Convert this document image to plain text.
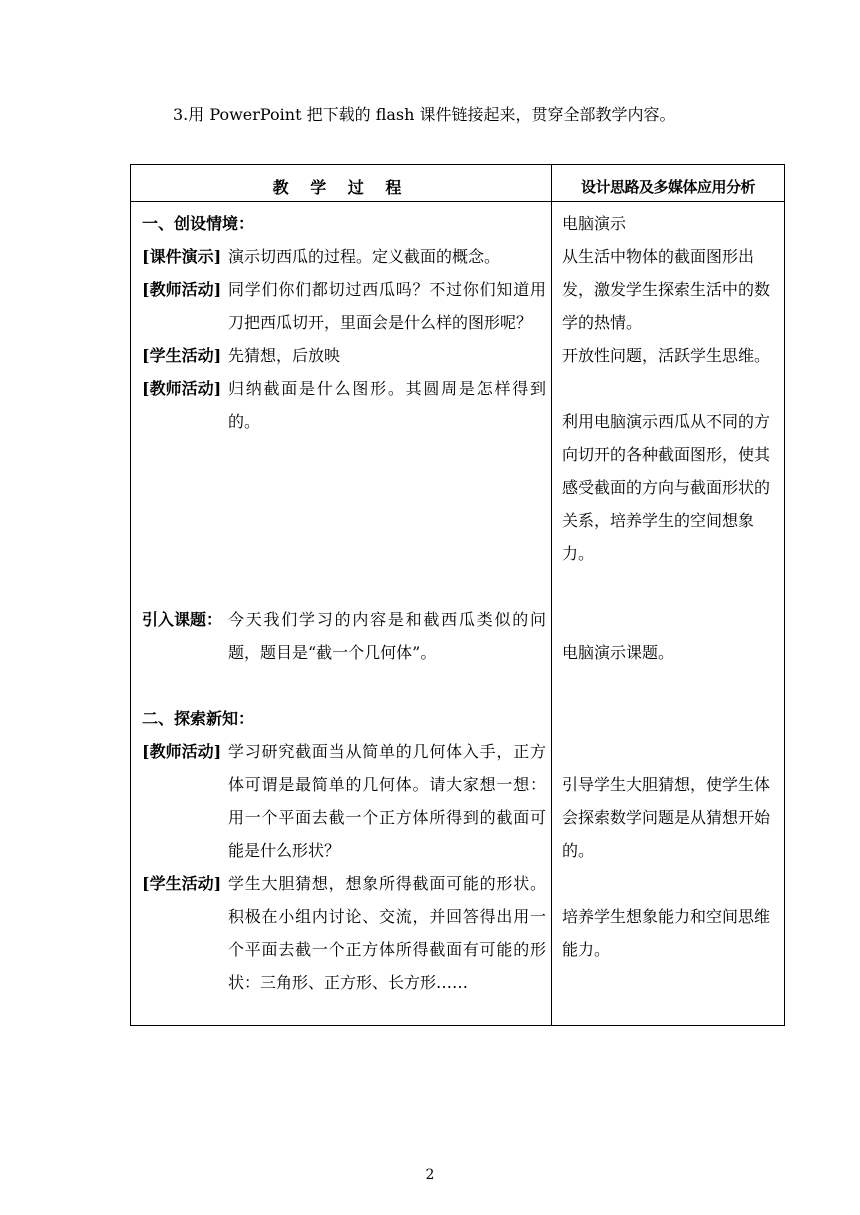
3.用 PowerPoint 把下载的 flash 课件链接起来，贯穿全部教学内容。
教 学 过 程	设计思路及多媒体应用分析
一、创设情境：
[课件演示] 演示切西瓜的过程。定义截面的概念。
[教师活动] 同学们你们都切过西瓜吗？不过你们知道用刀把西瓜切开，里面会是什么样的图形呢？
[学生活动] 先猜想，后放映
[教师活动] 归纳截面是什么图形。其圆周是怎样得到的。
引入课题： 今天我们学习的内容是和截西瓜类似的问题，题目是“截一个几何体”。
二、探索新知：
[教师活动] 学习研究截面当从简单的几何体入手，正方体可谓是最简单的几何体。请大家想一想：用一个平面去截一个正方体所得到的截面可能是什么形状？
[学生活动] 学生大胆猜想，想象所得截面可能的形状。积极在小组内讨论、交流，并回答得出用一个平面去截一个正方体所得截面有可能的形状：三角形、正方形、长方形……
电脑演示
从生活中物体的截面图形出发，激发学生探索生活中的数学的热情。
开放性问题，活跃学生思维。
利用电脑演示西瓜从不同的方向切开的各种截面图形，使其感受截面的方向与截面形状的关系，培养学生的空间想象力。
电脑演示课题。
引导学生大胆猜想，使学生体会探索数学问题是从猜想开始的。
培养学生想象能力和空间思维能力。
2
